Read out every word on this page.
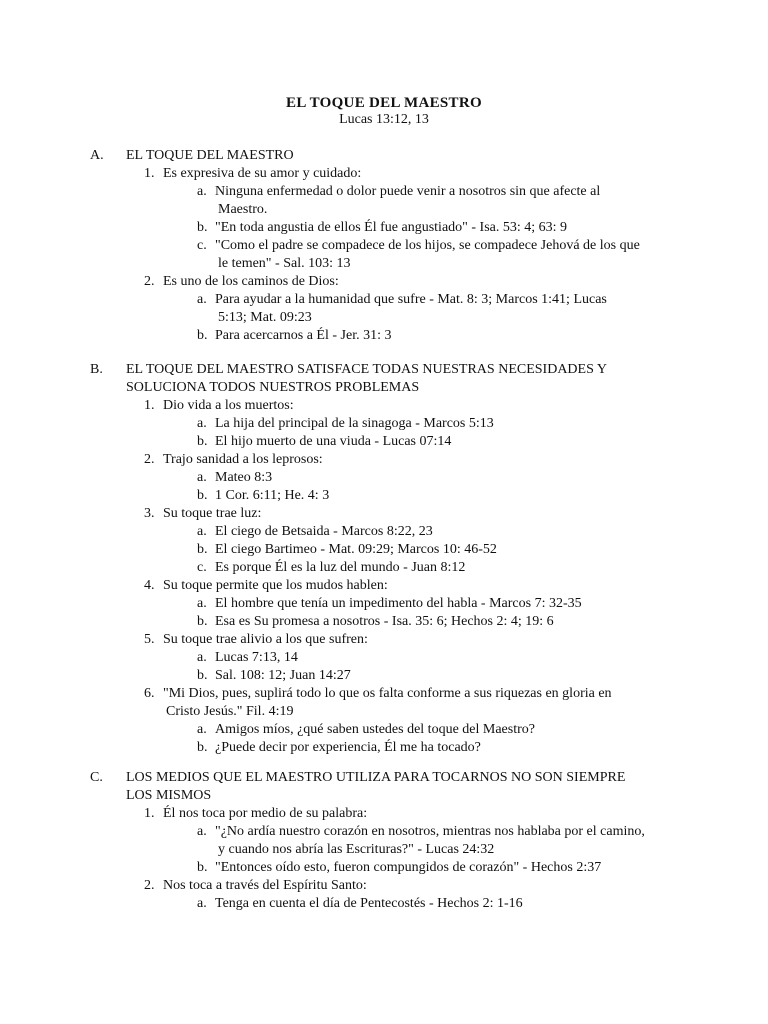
EL TOQUE DEL MAESTRO
Lucas 13:12, 13
A. EL TOQUE DEL MAESTRO
1. Es expresiva de su amor y cuidado:
a. Ninguna enfermedad o dolor puede venir a nosotros sin que afecte al
Maestro.
b. "En toda angustia de ellos Él fue angustiado" - Isa. 53: 4; 63: 9
c. "Como el padre se compadece de los hijos, se compadece Jehová de los que
le temen" - Sal. 103: 13
2. Es uno de los caminos de Dios:
a. Para ayudar a la humanidad que sufre - Mat. 8: 3; Marcos 1:41; Lucas
5:13; Mat. 09:23
b. Para acercarnos a Él - Jer. 31: 3
B. EL TOQUE DEL MAESTRO SATISFACE TODAS NUESTRAS NECESIDADES Y
SOLUCIONA TODOS NUESTROS PROBLEMAS
1. Dio vida a los muertos:
a. La hija del principal de la sinagoga - Marcos 5:13
b. El hijo muerto de una viuda - Lucas 07:14
2. Trajo sanidad a los leprosos:
a. Mateo 8:3
b. 1 Cor. 6:11; He. 4: 3
3. Su toque trae luz:
a. El ciego de Betsaida - Marcos 8:22, 23
b. El ciego Bartimeo - Mat. 09:29; Marcos 10: 46-52
c. Es porque Él es la luz del mundo - Juan 8:12
4. Su toque permite que los mudos hablen:
a. El hombre que tenía un impedimento del habla - Marcos 7: 32-35
b. Esa es Su promesa a nosotros - Isa. 35: 6; Hechos 2: 4; 19: 6
5. Su toque trae alivio a los que sufren:
a. Lucas 7:13, 14
b. Sal. 108: 12; Juan 14:27
6. "Mi Dios, pues, suplirá todo lo que os falta conforme a sus riquezas en gloria en
Cristo Jesús." Fil. 4:19
a. Amigos míos, ¿qué saben ustedes del toque del Maestro?
b. ¿Puede decir por experiencia, Él me ha tocado?
C. LOS MEDIOS QUE EL MAESTRO UTILIZA PARA TOCARNOS NO SON SIEMPRE
LOS MISMOS
1. Él nos toca por medio de su palabra:
a. "¿No ardía nuestro corazón en nosotros, mientras nos hablaba por el camino,
y cuando nos abría las Escrituras?" - Lucas 24:32
b. "Entonces oído esto, fueron compungidos de corazón" - Hechos 2:37
2. Nos toca a través del Espíritu Santo:
a. Tenga en cuenta el día de Pentecostés - Hechos 2: 1-16
